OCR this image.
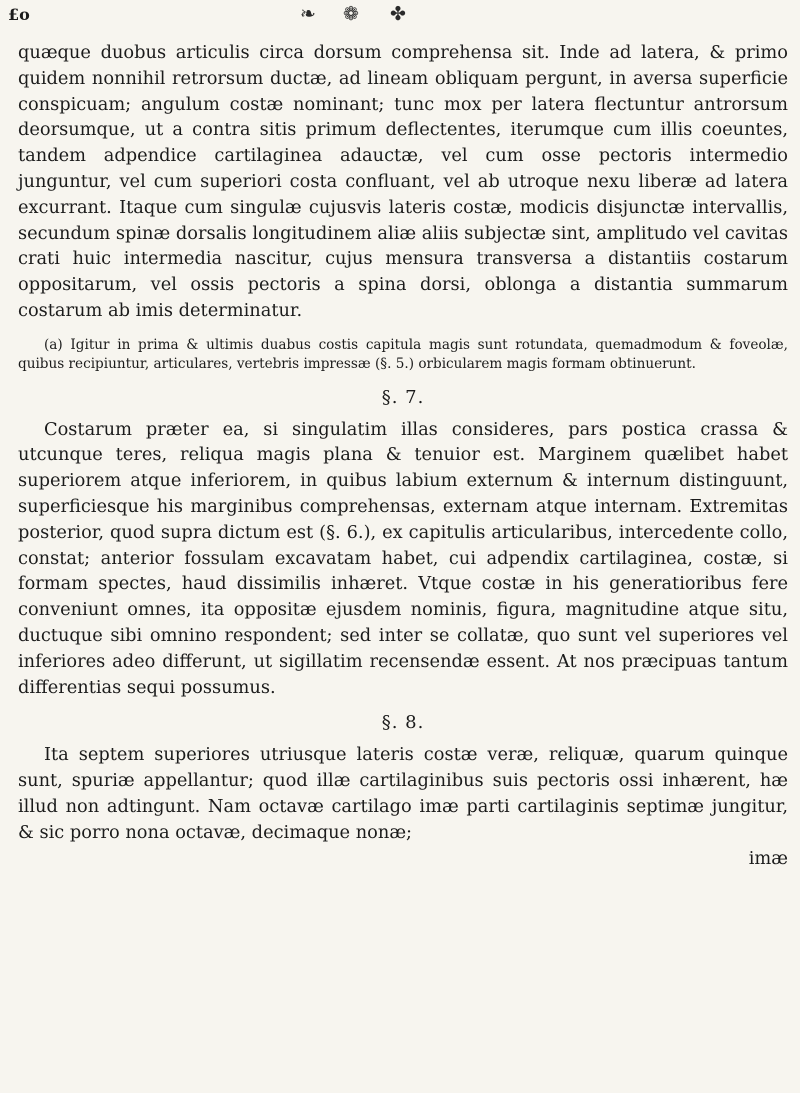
£o	❧ ❁ ✤

quæque duobus articulis circa dorsum comprehensa sit. Inde ad latera, & primo quidem nonnihil retrorsum ductæ, ad lineam obliquam pergunt, in aversa superficie conspicuam; angulum costæ nominant; tunc mox per latera flectuntur antrorsum deorsumque, ut a contra sitis primum deflectentes, iterumque cum illis coeuntes, tandem adpendice cartilaginea adauctæ, vel cum osse pectoris intermedio junguntur, vel cum superiori costa confluant, vel ab utroque nexu liberæ ad latera excurrant. Itaque cum singulæ cujusvis lateris costæ, modicis disjunctæ intervallis, secundum spinæ dorsalis longitudinem aliæ aliis subjectæ sint, amplitudo vel cavitas crati huic intermedia nascitur, cujus mensura transversa a distantiis costarum oppositarum, vel ossis pectoris a spina dorsi, oblonga a distantia summarum costarum ab imis determinatur.

(a) Igitur in prima & ultimis duabus costis capitula magis sunt rotundata, quemadmodum & foveolæ, quibus recipiuntur, articulares, vertebris impressæ (§. 5.) orbicularem magis formam obtinuerunt.

§. 7.

Costarum præter ea, si singulatim illas consideres, pars postica crassa & utcunque teres, reliqua magis plana & tenuior est. Marginem quælibet habet superiorem atque inferiorem, in quibus labium externum & internum distinguunt, superficiesque his marginibus comprehensas, externam atque internam. Extremitas posterior, quod supra dictum est (§. 6.), ex capitulis articularibus, intercedente collo, constat; anterior fossulam excavatam habet, cui adpendix cartilaginea, costæ, si formam spectes, haud dissimilis inhæret. Vtque costæ in his generatioribus fere conveniunt omnes, ita oppositæ ejusdem nominis, figura, magnitudine atque situ, ductuque sibi omnino respondent; sed inter se collatæ, quo sunt vel superiores vel inferiores adeo differunt, ut sigillatim recensendæ essent. At nos præcipuas tantum differentias sequi possumus.

§. 8.

Ita septem superiores utriusque lateris costæ veræ, reliquæ, quarum quinque sunt, spuriæ appellantur; quod illæ cartilaginibus suis pectoris ossi inhærent, hæ illud non adtingunt. Nam octavæ cartilago imæ parti cartilaginis septimæ jungitur, & sic porro nona octavæ, decimaque nonæ;

imæ
